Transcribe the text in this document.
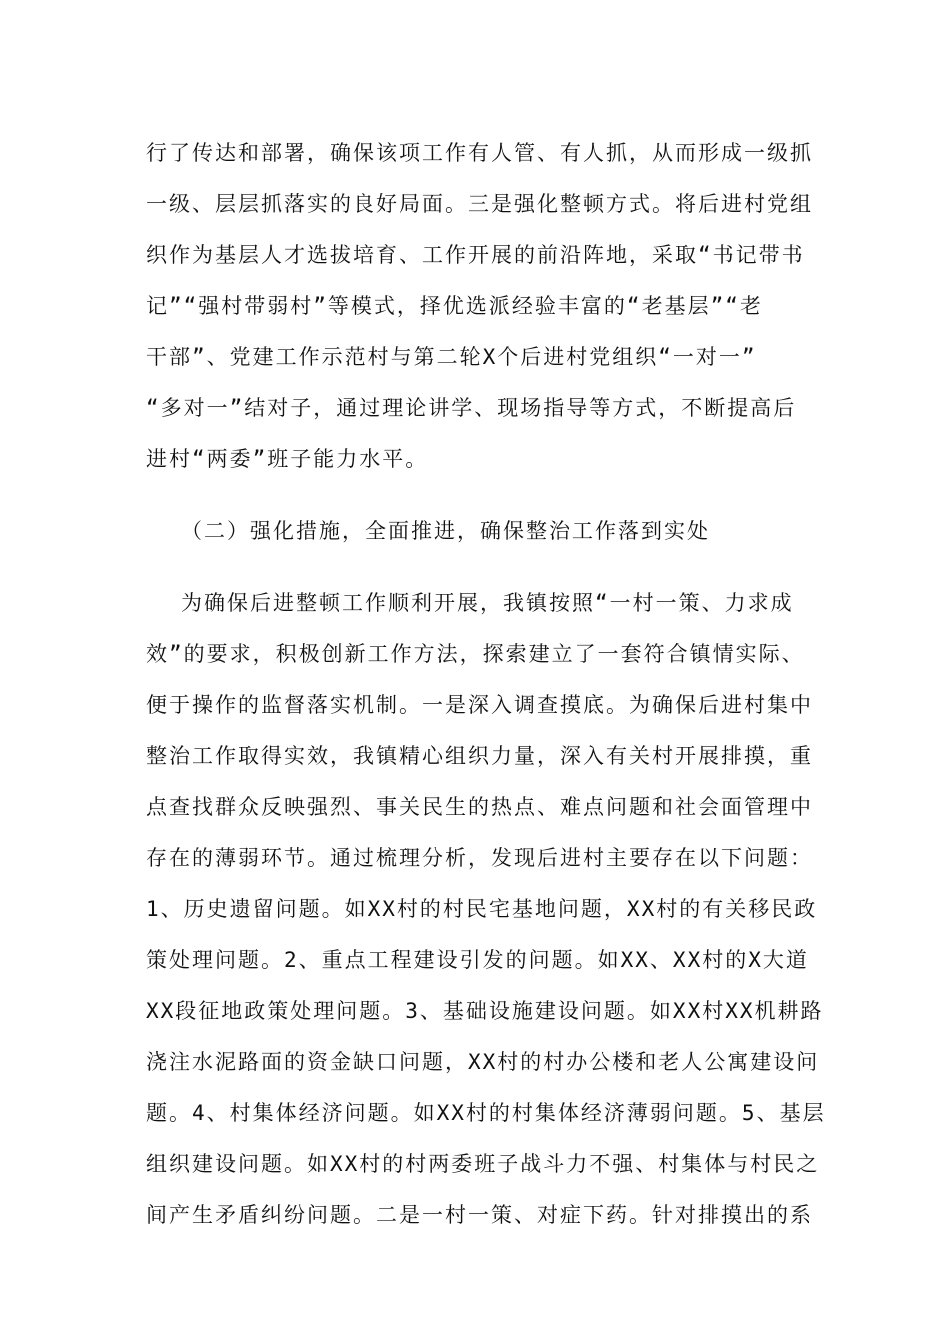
行了传达和部署，确保该项工作有人管、有人抓，从而形成一级抓
一级、层层抓落实的良好局面。三是强化整顿方式。将后进村党组
织作为基层人才选拔培育、工作开展的前沿阵地，采取“书记带书
记”“强村带弱村”等模式，择优选派经验丰富的“老基层”“老
干部”、党建工作示范村与第二轮X个后进村党组织“一对一”
“多对一”结对子，通过理论讲学、现场指导等方式，不断提高后
进村“两委”班子能力水平。
（二）强化措施，全面推进，确保整治工作落到实处
为确保后进整顿工作顺利开展，我镇按照“一村一策、力求成
效”的要求，积极创新工作方法，探索建立了一套符合镇情实际、
便于操作的监督落实机制。一是深入调查摸底。为确保后进村集中
整治工作取得实效，我镇精心组织力量，深入有关村开展排摸，重
点查找群众反映强烈、事关民生的热点、难点问题和社会面管理中
存在的薄弱环节。通过梳理分析，发现后进村主要存在以下问题：
1、历史遗留问题。如XX村的村民宅基地问题，XX村的有关移民政
策处理问题。2、重点工程建设引发的问题。如XX、XX村的X大道
XX段征地政策处理问题。3、基础设施建设问题。如XX村XX机耕路
浇注水泥路面的资金缺口问题，XX村的村办公楼和老人公寓建设问
题。4、村集体经济问题。如XX村的村集体经济薄弱问题。5、基层
组织建设问题。如XX村的村两委班子战斗力不强、村集体与村民之
间产生矛盾纠纷问题。二是一村一策、对症下药。针对排摸出的系
